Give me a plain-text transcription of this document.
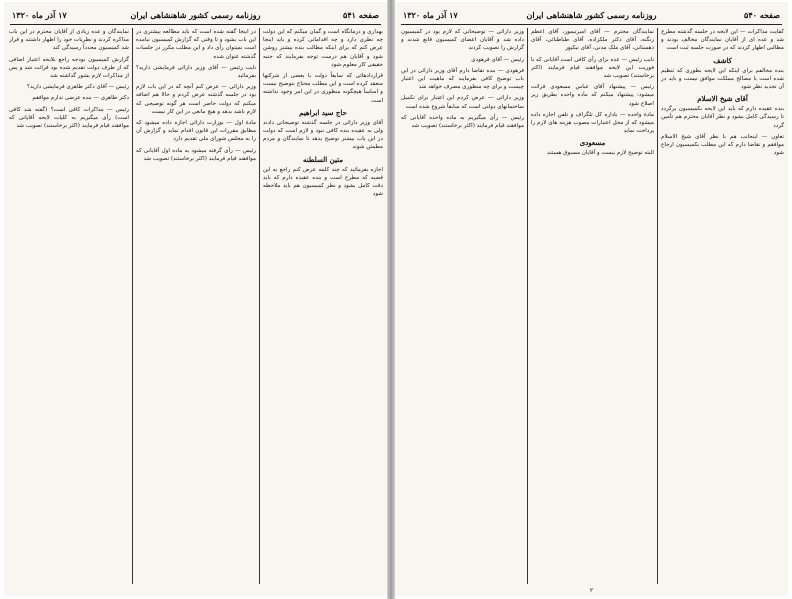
صفحه ۵۴۱
روزنامه رسمی کشور شاهنشاهی ایران
۱۷ آذر ماه ۱۳۲۰

بهداری و درمانگاه است و گمان میکنم که این دولت چه نظری دارد و چه اقداماتی کرده و باید اینجا عرض کنم که برای اینکه مطالب بنده بیشتر روشن شود و آقایان هم درست توجه بفرمایند که جنبه حقیقی کار معلوم شود

قراردادهائی که سابقاً دولت با بعضی از شرکتها منعقد کرده است و این مطلب محتاج بتوضیح نیست و اساساً هیچگونه منظوری در این امر وجود نداشته است

حاج سید ابراهیم

آقای وزیر دارائی در جلسه گذشته توضیحاتی دادند ولی به عقیده بنده کافی نبود و لازم است که دولت در این باب بیشتر توضیح بدهد تا نمایندگان و مردم مطمئن شوند

متین السلطنه

اجازه بفرمائید که چند کلمه عرض کنم راجع به این قضیه که مطرح است و بنده عقیده دارم که باید دقت کامل بشود و نظر کمیسیون هم باید ملاحظه شود

در اینجا گفته شده است که باید مطالعه بیشتری در این باب بشود و تا وقتی که گزارش کمیسیون نیامده است نمیتوان رأی داد و این مطلب مکرر در جلسات گذشته عنوان شده

نایب رئیس — آقای وزیر دارائی فرمایشی دارید؟ بفرمائید

وزیر دارائی — عرض کنم آنچه که در این باب لازم بود در جلسه گذشته عرض کردم و حالا هم اضافه میکنم که دولت حاضر است هر گونه توضیحی که لازم باشد بدهد و هیچ مانعی در این کار نیست

مادۀ اول — بوزارت دارائی اجازه داده میشود که مطابق مقررات این قانون اقدام نماید و گزارش آن را به مجلس شورای ملی تقدیم دارد

رئیس — رأی گرفته میشود به ماده اول آقایانی که موافقند قیام فرمایند (اکثر برخاستند) تصویب شد

نمایندگان و عده زیادی از آقایان محترم در این باب مذاکره کردند و نظریات خود را اظهار داشتند و قرار شد کمیسیون مجدداً رسیدگی کند

گزارش کمیسیون بودجه راجع بلایحه اعتبار اضافی که از طرف دولت تقدیم شده بود قرائت شد و پس از مذاکرات لازم بشور گذاشته شد

رئیس — آقای دکتر طاهری فرمایشی دارید؟

دکتر طاهری — بنده عرضی ندارم موافقم

رئیس — مذاکرات کافی است؟ (گفته شد کافی است) رأی میگیریم به کلیات لایحه آقایانی که موافقند قیام فرمایند (اکثر برخاستند) تصویب شد

صفحه ۵۴۰
روزنامه رسمی کشور شاهنشاهی ایران
۱۷ آذر ماه ۱۳۲۰

کفایت مذاکرات — این لایحه در جلسه گذشته مطرح شد و عده ای از آقایان نمایندگان مخالف بودند و مطالبی اظهار کردند که در صورت جلسه ثبت است

کاشف

بنده مخالفم برای اینکه این لایحه بطوری که تنظیم شده است با مصالح مملکت موافق نیست و باید در آن تجدید نظر شود

آقای شیخ الاسلام

بنده عقیده دارم که باید این لایحه بکمیسیون برگردد تا رسیدگی کامل بشود و نظر آقایان محترم هم تأمین گردد

تعاون — اینجانب هم با نظر آقای شیخ الاسلام موافقم و تقاضا دارم که این مطلب بکمیسیون ارجاع شود

نمایندگان محترم — آقای امیرتیمور، آقای اعظم زنگنه، آقای دکتر ملکزاده، آقای طباطبائی، آقای دهستانی، آقای ملک مدنی، آقای نیکپور

نایب رئیس — عده برای رأی کافی است آقایانی که با فوریت این لایحه موافقند قیام فرمایند (اکثر برخاستند) تصویب شد

رئیس — پیشنهاد آقای عباس مسعودی قرائت میشود: پیشنهاد میکنم که ماده واحده بطریق زیر اصلاح شود

مادۀ واحده — باداره کل تلگراف و تلفن اجازه داده میشود که از محل اعتبارات مصوب هزینه های لازم را پرداخت نماید

مسعودی

البته توضیح لازم نیست و آقایان مسبوق هستند

وزیر دارائی — توضیحاتی که لازم بود در کمیسیون داده شد و آقایان اعضای کمیسیون قانع شدند و گزارش را تصویب کردند

رئیس — آقای فرهودی

فرهودی — بنده تقاضا دارم آقای وزیر دارائی در این باب توضیح کافی بفرمایند که ماهیت این اعتبار چیست و برای چه منظوری مصرف خواهد شد

وزیر دارائی — عرض کردم این اعتبار برای تکمیل ساختمانهای دولتی است که سابقاً شروع شده است

رئیس — رأی میگیریم به ماده واحده آقایانی که موافقند قیام فرمایند (اکثر برخاستند) تصویب شد

۲
